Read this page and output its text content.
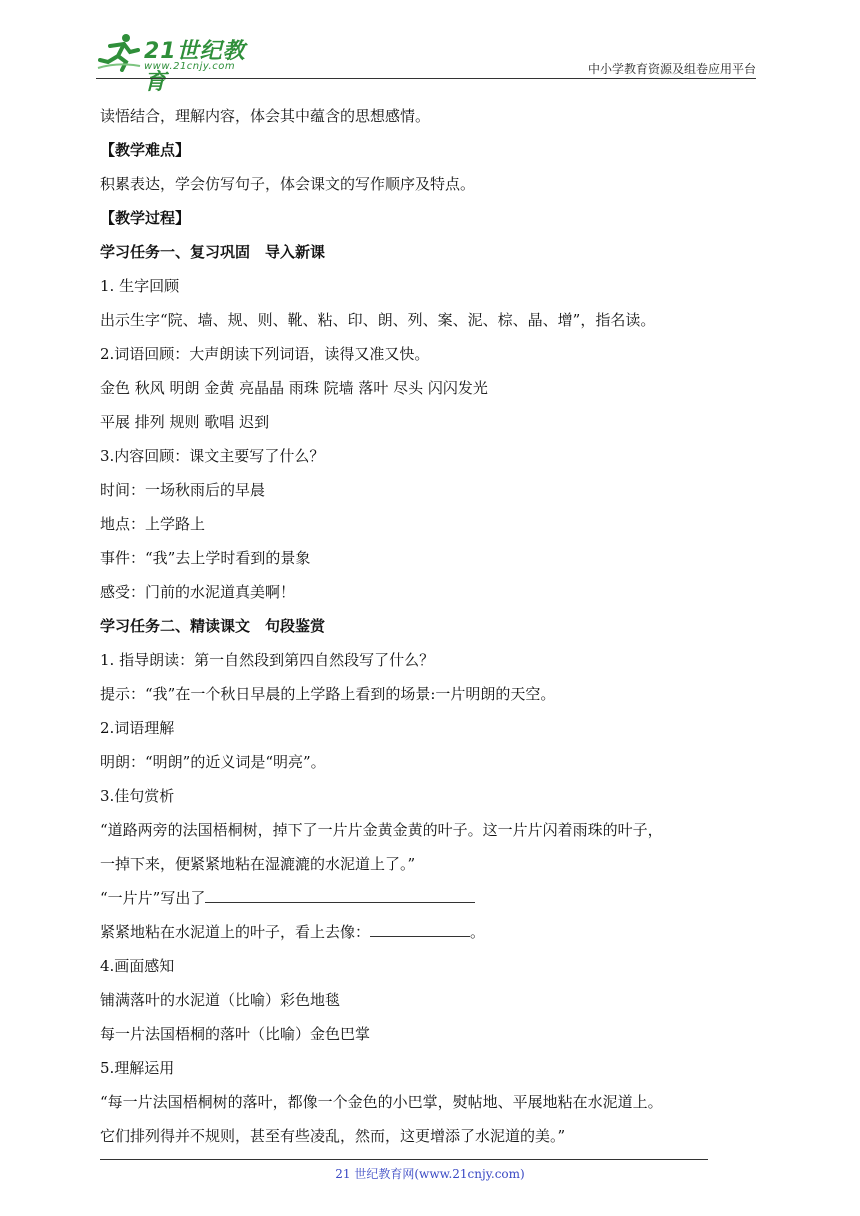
21世纪教育
www.21cnjy.com	中小学教育资源及组卷应用平台
读悟结合，理解内容，体会其中蕴含的思想感情。
【教学难点】
积累表达，学会仿写句子，体会课文的写作顺序及特点。
【教学过程】
学习任务一、复习巩固　导入新课
1. 生字回顾
出示生字“院、墙、规、则、靴、粘、印、朗、列、案、泥、棕、晶、增”，指名读。
2.词语回顾：大声朗读下列词语，读得又准又快。
金色 秋风 明朗 金黄 亮晶晶 雨珠 院墙 落叶 尽头 闪闪发光
平展 排列 规则 歌唱 迟到
3.内容回顾：课文主要写了什么？
时间：一场秋雨后的早晨
地点：上学路上
事件：“我”去上学时看到的景象
感受：门前的水泥道真美啊！
学习任务二、精读课文　句段鉴赏
1. 指导朗读：第一自然段到第四自然段写了什么？
提示：“我”在一个秋日早晨的上学路上看到的场景:一片明朗的天空。
2.词语理解
明朗：“明朗”的近义词是“明亮”。
3.佳句赏析
“道路两旁的法国梧桐树，掉下了一片片金黄金黄的叶子。这一片片闪着雨珠的叶子，
一掉下来，便紧紧地粘在湿漉漉的水泥道上了。”
“一片片”写出了
紧紧地粘在水泥道上的叶子，看上去像：	。
4.画面感知
铺满落叶的水泥道（比喻）彩色地毯
每一片法国梧桐的落叶（比喻）金色巴掌
5.理解运用
“每一片法国梧桐树的落叶，都像一个金色的小巴掌，熨帖地、平展地粘在水泥道上。
它们排列得并不规则，甚至有些凌乱，然而，这更增添了水泥道的美。”
21 世纪教育网(www.21cnjy.com)
